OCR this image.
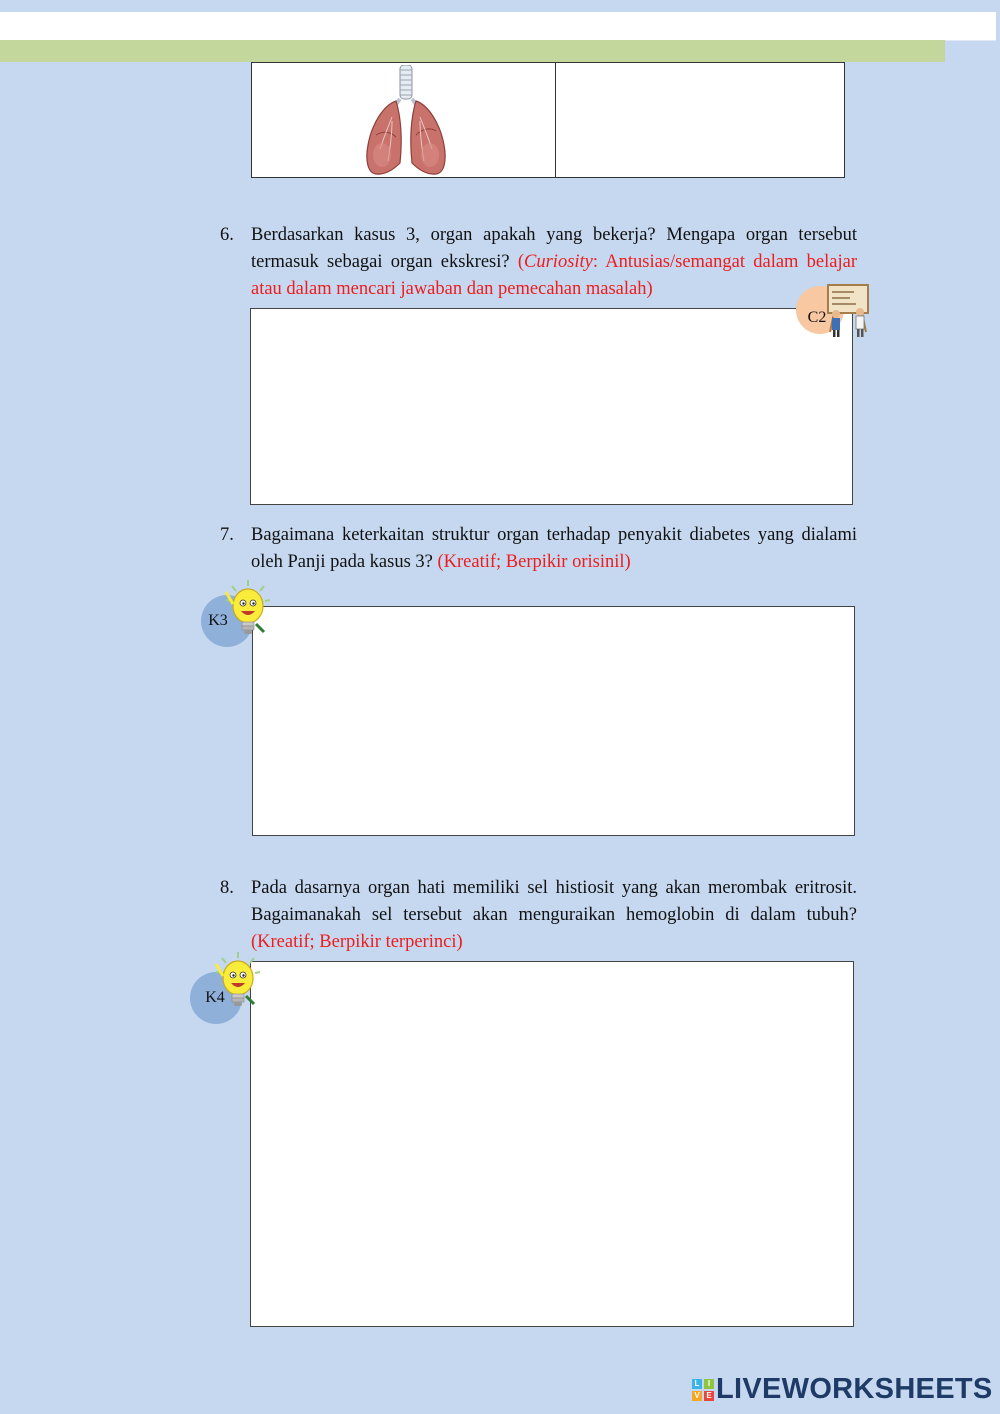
6. Berdasarkan kasus 3, organ apakah yang bekerja? Mengapa organ tersebut termasuk sebagai organ ekskresi? (Curiosity: Antusias/semangat dalam belajar atau dalam mencari jawaban dan pemecahan masalah)
C2
7. Bagaimana keterkaitan struktur organ terhadap penyakit diabetes yang dialami oleh Panji pada kasus 3? (Kreatif; Berpikir orisinil)
K3
8. Pada dasarnya organ hati memiliki sel histiosit yang akan merombak eritrosit. Bagaimanakah sel tersebut akan menguraikan hemoglobin di dalam tubuh? (Kreatif; Berpikir terperinci)
K4
L	I
V E LIVEWORKSHEETS
